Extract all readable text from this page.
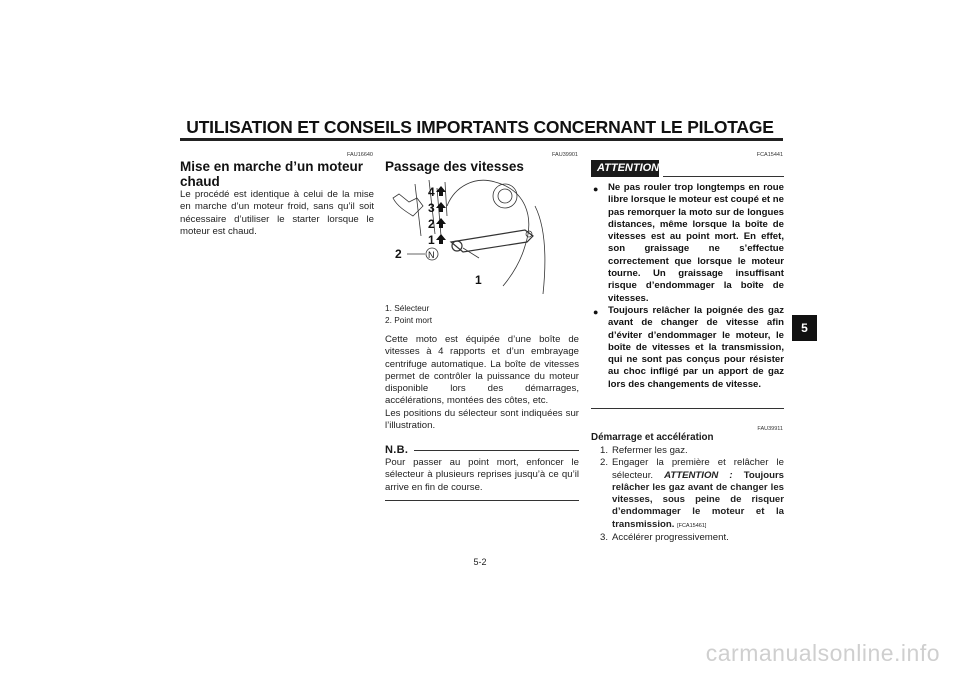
UTILISATION ET CONSEILS IMPORTANTS CONCERNANT LE PILOTAGE
FAU16640
Mise en marche d’un moteur chaud
Le procédé est identique à celui de la mise en marche d’un moteur froid, sans qu’il soit nécessaire d’utiliser le starter lorsque le moteur est chaud.
FAU39901
Passage des vitesses
4
3
2
1
1
2	N
1. Sélecteur
2. Point mort
Cette moto est équipée d’une boîte de vitesses à 4 rapports et d’un embrayage centrifuge automatique. La boîte de vitesses permet de contrôler la puissance du moteur disponible lors des démarrages, accélérations, montées des côtes, etc.
Les positions du sélecteur sont indiquées sur l’illustration.
N.B.
Pour passer au point mort, enfoncer le sélecteur à plusieurs reprises jusqu’à ce qu’il arrive en fin de course.
FCA15441
ATTENTION
● Ne pas rouler trop longtemps en roue libre lorsque le moteur est coupé et ne pas remorquer la moto sur de longues distances, même lorsque la boîte de vitesses est au point mort. En effet, son graissage ne s’effectue correctement que lorsque le moteur tourne. Un graissage insuffisant risque d’endommager la boîte de vitesses.
● Toujours relâcher la poignée des gaz avant de changer de vitesse afin d’éviter d’endommager le moteur, le boîte de vitesses et la transmission, qui ne sont pas conçus pour résister au choc infligé par un apport de gaz lors des changements de vitesse.
FAU39911
Démarrage et accélération
1. Refermer les gaz.
2. Engager la première et relâcher le sélecteur. ATTENTION : Toujours relâcher les gaz avant de changer les vitesses, sous peine de risquer d’endommager le moteur et la transmission. [FCA15461]
3. Accélérer progressivement.
5
5-2
carmanualsonline.info
